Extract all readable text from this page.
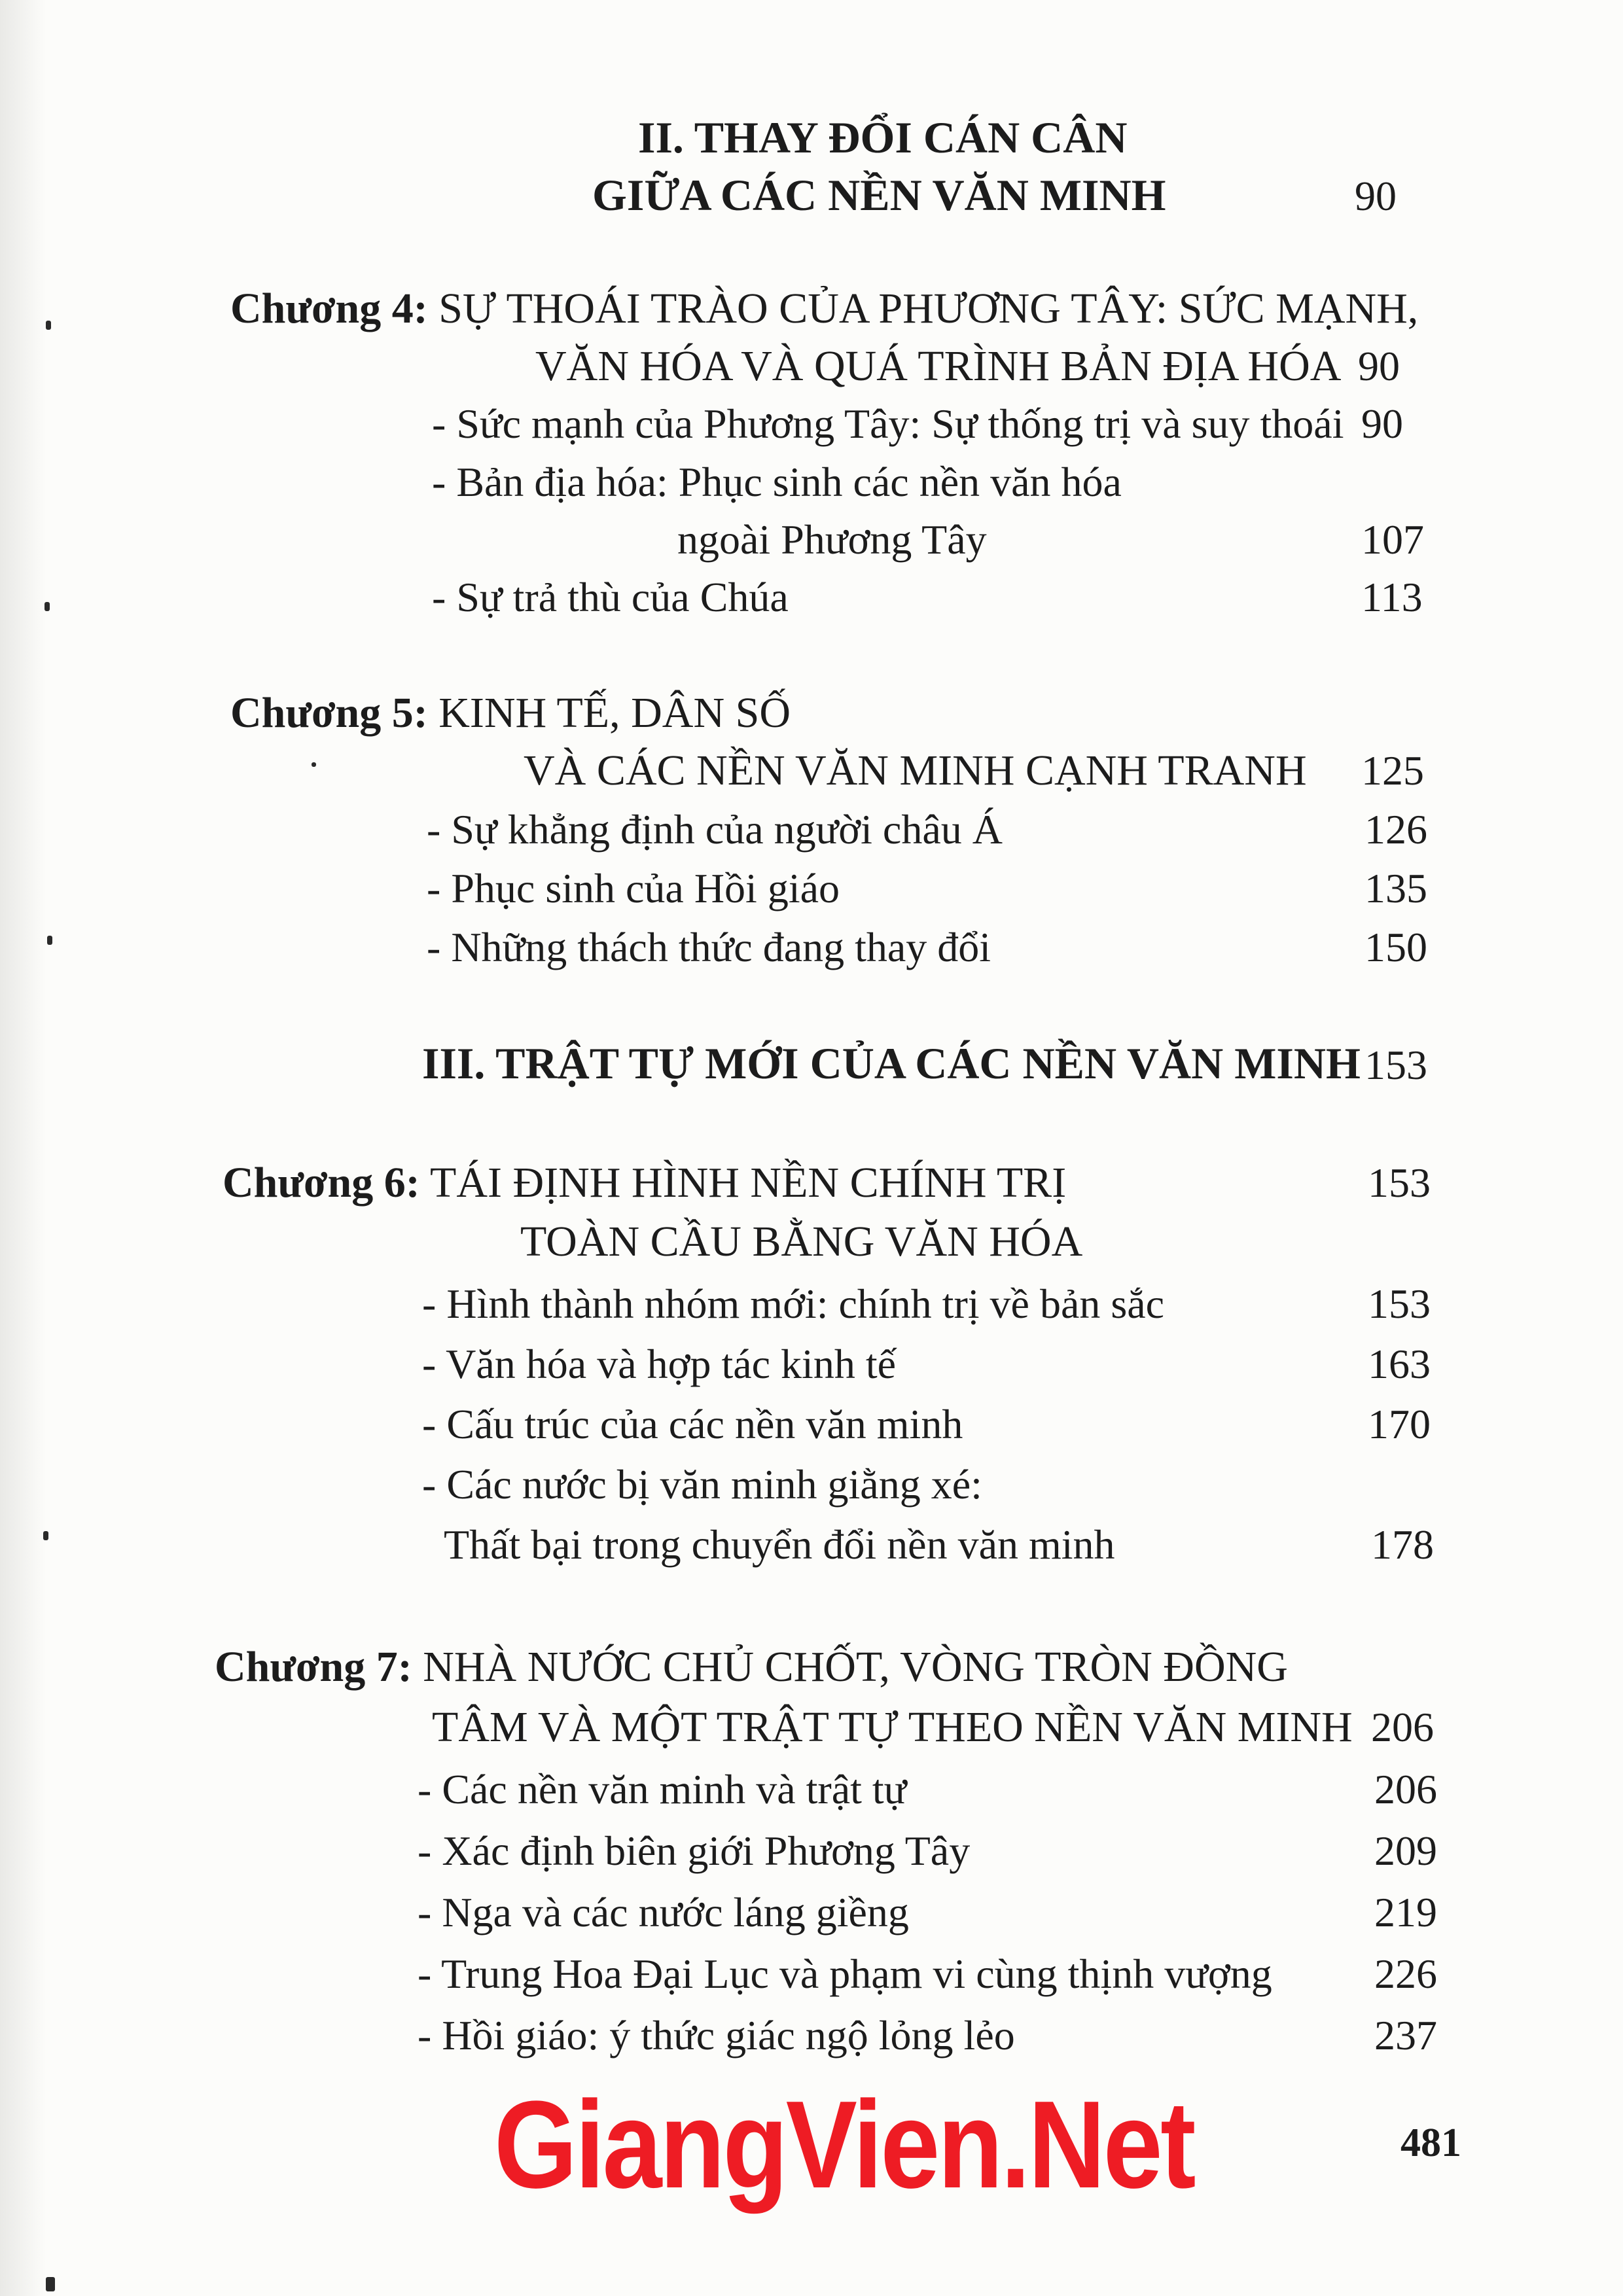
II. THAY ĐỔI CÁN CÂN
GIỮA CÁC NỀN VĂN MINH	90
Chương 4: SỰ THOÁI TRÀO CỦA PHƯƠNG TÂY: SỨC MẠNH,
VĂN HÓA VÀ QUÁ TRÌNH BẢN ĐỊA HÓA 90
- Sức mạnh của Phương Tây: Sự thống trị và suy thoái 90
- Bản địa hóa: Phục sinh các nền văn hóa
ngoài Phương Tây	107
- Sự trả thù của Chúa	113
Chương 5: KINH TẾ, DÂN SỐ
VÀ CÁC NỀN VĂN MINH CẠNH TRANH 125
- Sự khẳng định của người châu Á	126
- Phục sinh của Hồi giáo	135
- Những thách thức đang thay đổi	150
III. TRẬT TỰ MỚI CỦA CÁC NỀN VĂN MINH 153
Chương 6: TÁI ĐỊNH HÌNH NỀN CHÍNH TRỊ	153
TOÀN CẦU BẰNG VĂN HÓA
- Hình thành nhóm mới: chính trị về bản sắc	153
- Văn hóa và hợp tác kinh tế	163
- Cấu trúc của các nền văn minh	170
- Các nước bị văn minh giằng xé:
Thất bại trong chuyển đổi nền văn minh	178
Chương 7: NHÀ NƯỚC CHỦ CHỐT, VÒNG TRÒN ĐỒNG
TÂM VÀ MỘT TRẬT TỰ THEO NỀN VĂN MINH 206
- Các nền văn minh và trật tự	206
- Xác định biên giới Phương Tây	209
- Nga và các nước láng giềng	219
- Trung Hoa Đại Lục và phạm vi cùng thịnh vượng 226
- Hồi giáo: ý thức giác ngộ lỏng lẻo	237
GiangVien.Net	481
